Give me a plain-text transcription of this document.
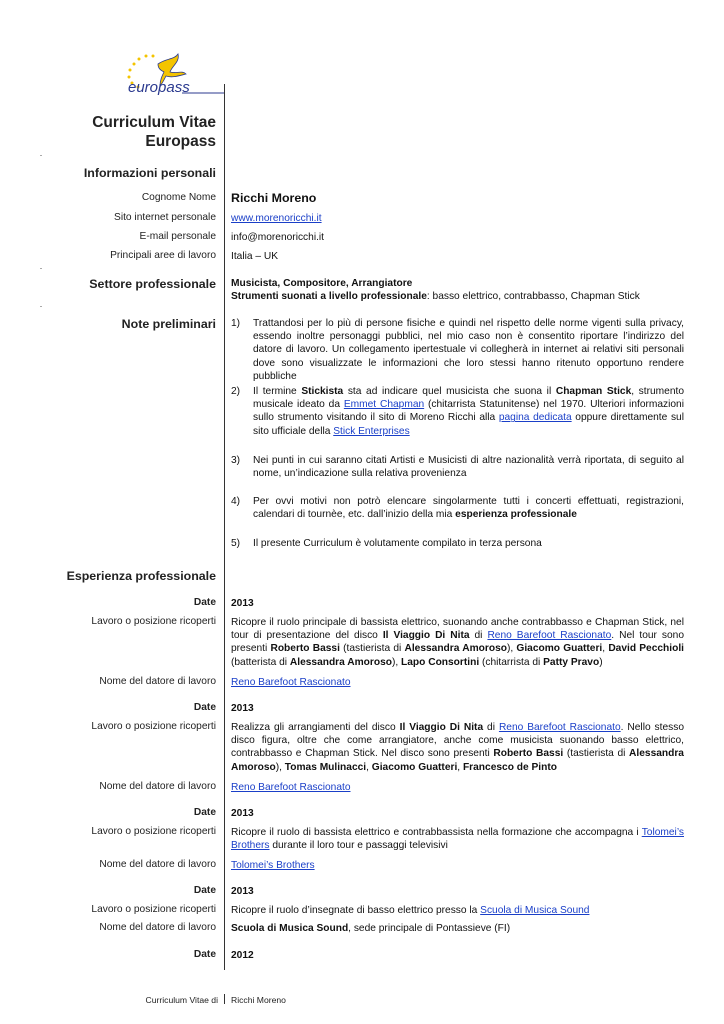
europass
Curriculum Vitae
Europass
Informazioni personali
Cognome Nome Ricchi Moreno
Sito internet personale www.morenoricchi.it
E-mail personale info@morenoricchi.it
Principali aree di lavoro Italia – UK
Settore professionale Musicista, Compositore, Arrangiatore
Strumenti suonati a livello professionale: basso elettrico, contrabbasso, Chapman Stick
Note preliminari 1) Trattandosi per lo più di persone fisiche e quindi nel rispetto delle norme vigenti sulla privacy, essendo inoltre personaggi pubblici, nel mio caso non è consentito riportare l’indirizzo del datore di lavoro. Un collegamento ipertestuale vi collegherà in internet ai relativi siti personali dove sono visualizzate le informazioni che loro stessi hanno ritenuto opportuno rendere pubbliche
2) Il termine Stickista sta ad indicare quel musicista che suona il Chapman Stick, strumento musicale ideato da Emmet Chapman (chitarrista Statunitense) nel 1970. Ulteriori informazioni sullo strumento visitando il sito di Moreno Ricchi alla pagina dedicata oppure direttamente sul sito ufficiale della Stick Enterprises
3) Nei punti in cui saranno citati Artisti e Musicisti di altre nazionalità verrà riportata, di seguito al nome, un’indicazione sulla relativa provenienza
4) Per ovvi motivi non potrò elencare singolarmente tutti i concerti effettuati, registrazioni, calendari di tournèe, etc. dall’inizio della mia esperienza professionale
5) Il presente Curriculum è volutamente compilato in terza persona
Esperienza professionale
Date 2013
Lavoro o posizione ricoperti Ricopre il ruolo principale di bassista elettrico, suonando anche contrabbasso e Chapman Stick, nel tour di presentazione del disco Il Viaggio Di Nita di Reno Barefoot Rascionato. Nel tour sono presenti Roberto Bassi (tastierista di Alessandra Amoroso), Giacomo Guatteri, David Pecchioli (batterista di Alessandra Amoroso), Lapo Consortini (chitarrista di Patty Pravo)
Nome del datore di lavoro Reno Barefoot Rascionato
Date 2013
Lavoro o posizione ricoperti Realizza gli arrangiamenti del disco Il Viaggio Di Nita di Reno Barefoot Rascionato. Nello stesso disco figura, oltre che come arrangiatore, anche come musicista suonando basso elettrico, contrabbasso e Chapman Stick. Nel disco sono presenti Roberto Bassi (tastierista di Alessandra Amoroso), Tomas Mulinacci, Giacomo Guatteri, Francesco de Pinto
Nome del datore di lavoro Reno Barefoot Rascionato
Date 2013
Lavoro o posizione ricoperti Ricopre il ruolo di bassista elettrico e contrabbassista nella formazione che accompagna i Tolomei’s Brothers durante il loro tour e passaggi televisivi
Nome del datore di lavoro Tolomei’s Brothers
Date 2013
Lavoro o posizione ricoperti Ricopre il ruolo d’insegnate di basso elettrico presso la Scuola di Musica Sound
Nome del datore di lavoro Scuola di Musica Sound, sede principale di Pontassieve (FI)
Date 2012
Curriculum Vitae di Ricchi Moreno
